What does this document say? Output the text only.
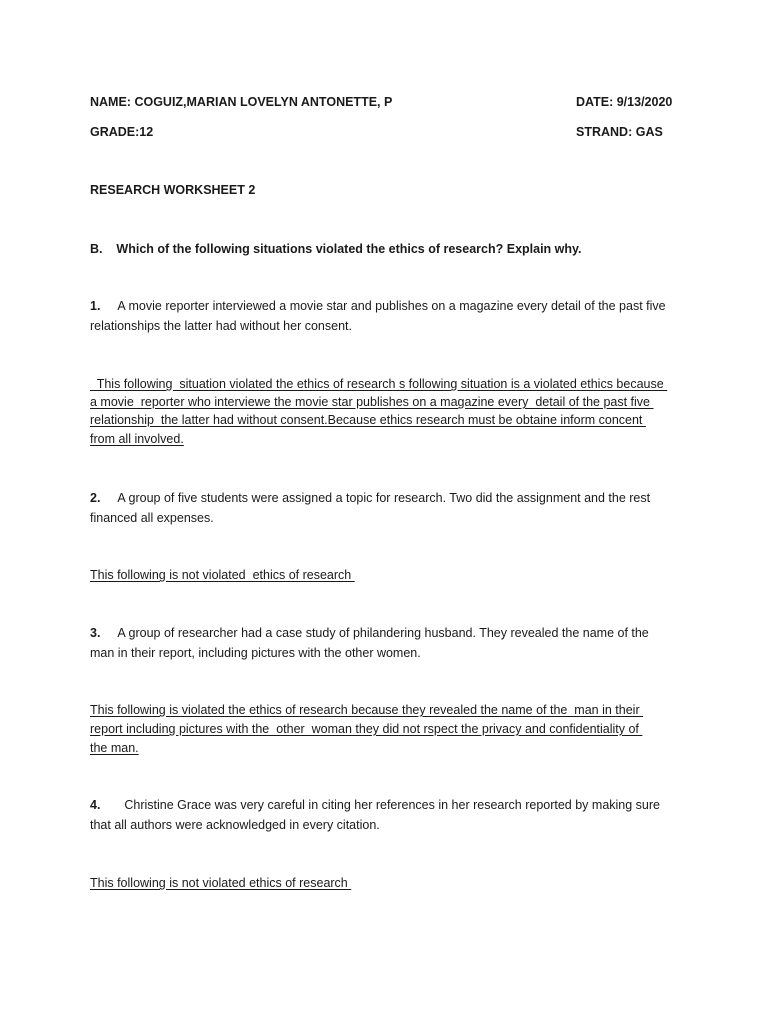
NAME: COGUIZ,MARIAN LOVELYN ANTONETTE, P	DATE: 9/13/2020
GRADE:12	STRAND: GAS
RESEARCH WORKSHEET 2
B. Which of the following situations violated the ethics of research? Explain why.
1. A movie reporter interviewed a movie star and publishes on a magazine every detail of the past five
relationships the latter had without her consent.
This following  situation violated the ethics of research s following situation is a violated ethics because
a movie  reporter who interviewe the movie star publishes on a magazine every  detail of the past five
relationship  the latter had without consent.Because ethics research must be obtaine inform concent
from all involved.
2. A group of five students were assigned a topic for research. Two did the assignment and the rest
financed all expenses.
This following is not violated  ethics of research
3. A group of researcher had a case study of philandering husband. They revealed the name of the
man in their report, including pictures with the other women.
This following is violated the ethics of research because they revealed the name of the  man in their
report including pictures with the  other  woman they did not rspect the privacy and confidentiality of
the man.
4. Christine Grace was very careful in citing her references in her research reported by making sure
that all authors were acknowledged in every citation.
This following is not violated ethics of research
